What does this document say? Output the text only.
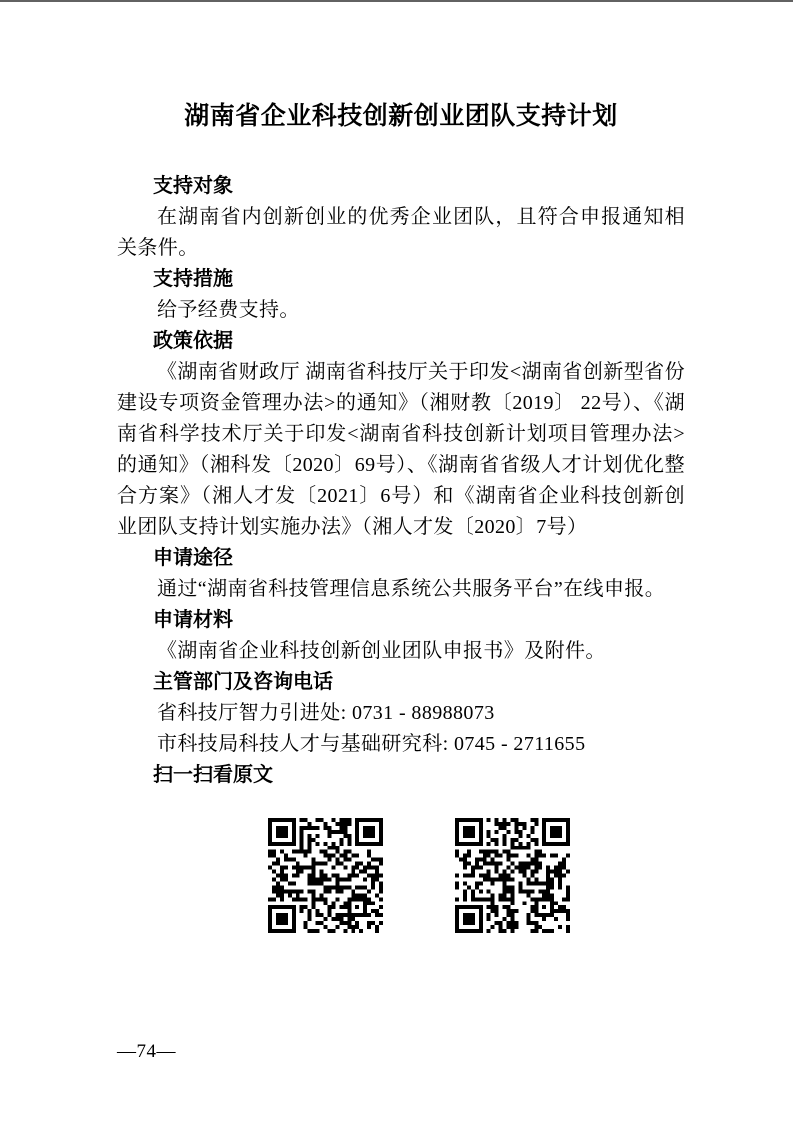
湖南省企业科技创新创业团队支持计划
支持对象

在湖南省内创新创业的优秀企业团队，且符合申报通知相关条件。

支持措施

给予经费支持。

政策依据

《湖南省财政厅 湖南省科技厅关于印发<湖南省创新型省份建设专项资金管理办法>的通知》（湘财教〔2019〕 22号）、《湖南省科学技术厅关于印发<湖南省科技创新计划项目管理办法>的通知》（湘科发〔2020〕69号）、《湖南省省级人才计划优化整合方案》（湘人才发〔2021〕6号）和《湖南省企业科技创新创业团队支持计划实施办法》（湘人才发〔2020〕7号）

申请途径

通过“湖南省科技管理信息系统公共服务平台”在线申报。

申请材料

《湖南省企业科技创新创业团队申报书》及附件。

主管部门及咨询电话

省科技厅智力引进处: 0731 - 88988073

市科技局科技人才与基础研究科: 0745 - 2711655

扫一扫看原文
—74—
